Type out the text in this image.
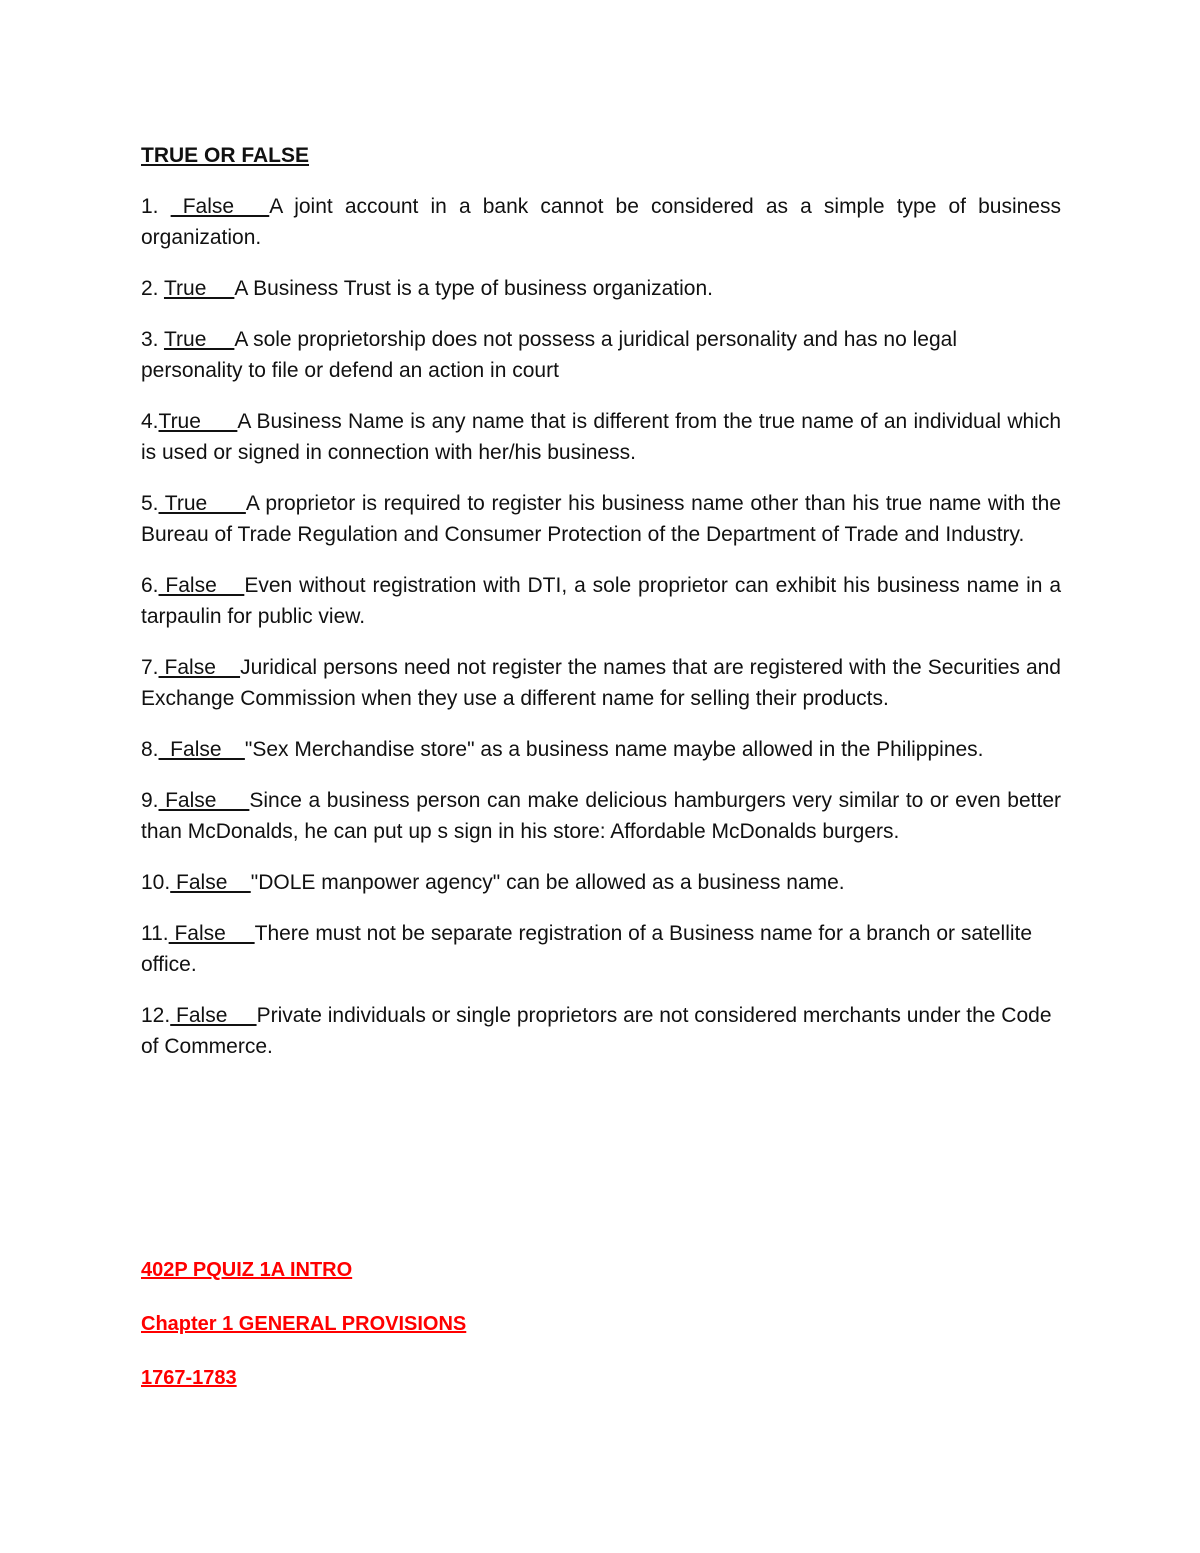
TRUE OR FALSE
1.  False   A joint account in a bank cannot be considered as a simple type of business organization.
2. True     A Business Trust is a type of business organization.
3. True     A sole proprietorship does not possess a juridical personality and has no legal personality to file or defend an action in court
4.True      A Business Name is any name that is different from the true name of an individual which is used or signed in connection with her/his business.
5. True      A proprietor is required to register his business name other than his true name with the Bureau of Trade Regulation and Consumer Protection of the Department of Trade and Industry.
6. False    Even without registration with DTI, a sole proprietor can exhibit his business name in a tarpaulin for public view.
7. False    Juridical persons need not register the names that are registered with the Securities and Exchange Commission when they use a different name for selling their products.
8.  False    "Sex Merchandise store" as a business name maybe allowed in the Philippines.
9. False     Since a business person can make delicious hamburgers very similar to or even better than McDonalds, he can put up s sign in his store: Affordable McDonalds burgers.
10. False    "DOLE manpower agency" can be allowed as a business name.
11. False     There must not be separate registration of a Business name for a branch or satellite office.
12. False     Private individuals or single proprietors are not considered merchants under the Code of Commerce.
402P PQUIZ 1A INTRO
Chapter 1 GENERAL PROVISIONS
1767-1783
